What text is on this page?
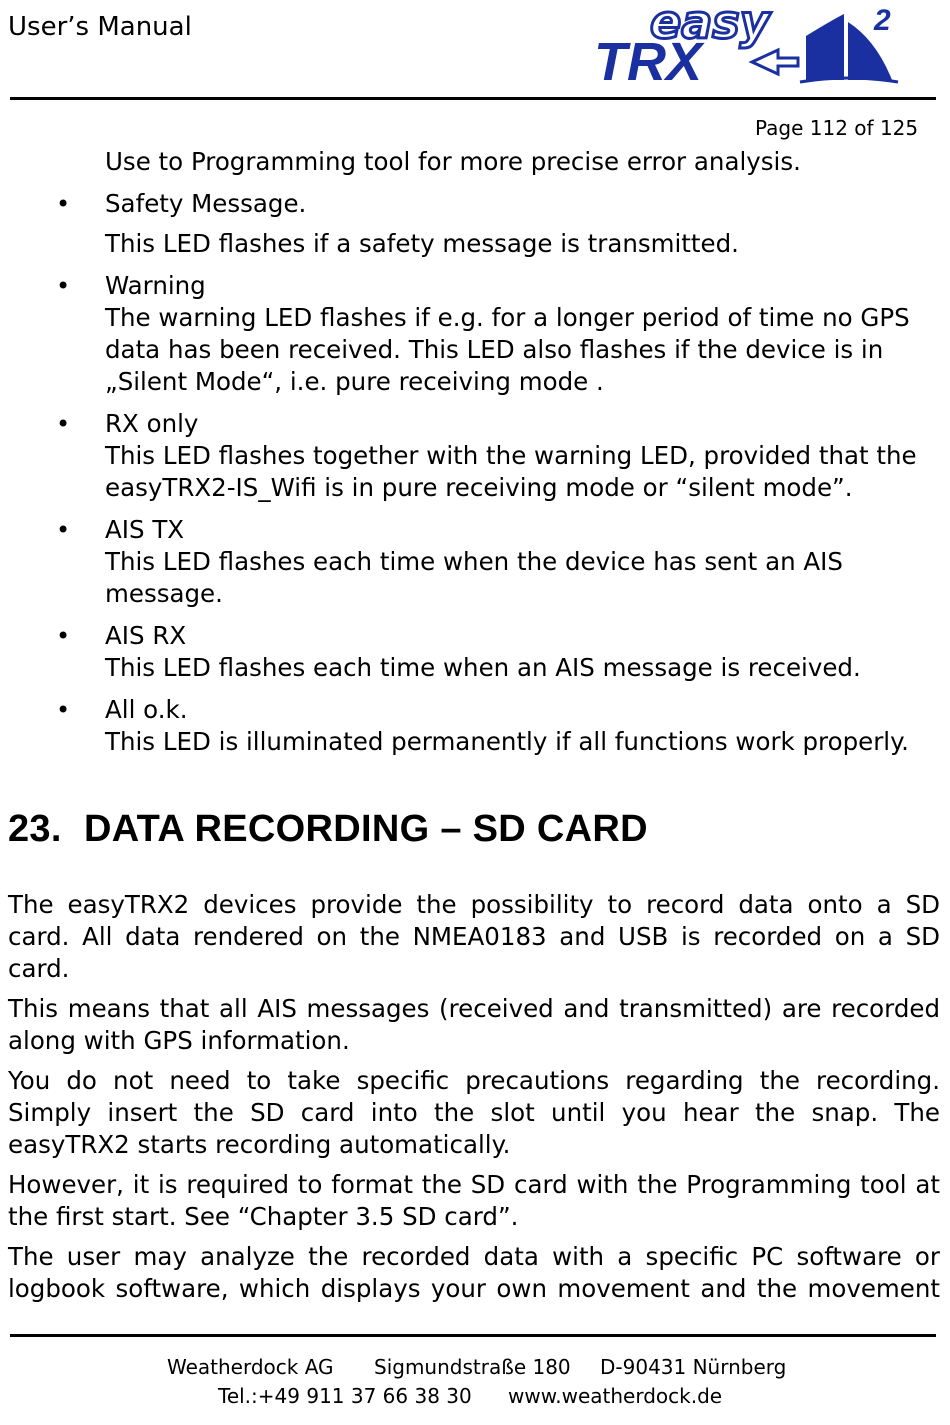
User’s Manual	easy
TRX
2
Page 112 of 125
Use to Programming tool for more precise error analysis.
• Safety Message.
This LED flashes if a safety message is transmitted.
• Warning
The warning LED flashes if e.g. for a longer period of time no GPS
data has been received. This LED also flashes if the device is in
„Silent Mode“, i.e. pure receiving mode .
• RX only
This LED flashes together with the warning LED, provided that the
easyTRX2-IS_Wifi is in pure receiving mode or “silent mode”.
• AIS TX
This LED flashes each time when the device has sent an AIS
message.
• AIS RX
This LED flashes each time when an AIS message is received.
• All o.k.
This LED is illuminated permanently if all functions work properly.
23. DATA RECORDING – SD CARD

The easyTRX2 devices provide the possibility to record data onto a SD card. All data rendered on the NMEA0183 and USB is recorded on a SD card.

This means that all AIS messages (received and transmitted) are recorded along with GPS information.

You do not need to take specific precautions regarding the recording. Simply insert the SD card into the slot until you hear the snap. The easyTRX2 starts recording automatically.

However, it is required to format the SD card with the Programming tool at the first start. See “Chapter 3.5 SD card”.

The user may analyze the recorded data with a specific PC software or logbook software, which displays your own movement and the movement

Weatherdock AG Sigmundstraße 180 D-90431 Nürnberg
Tel.:+49 911 37 66 38 30 www.weatherdock.de
